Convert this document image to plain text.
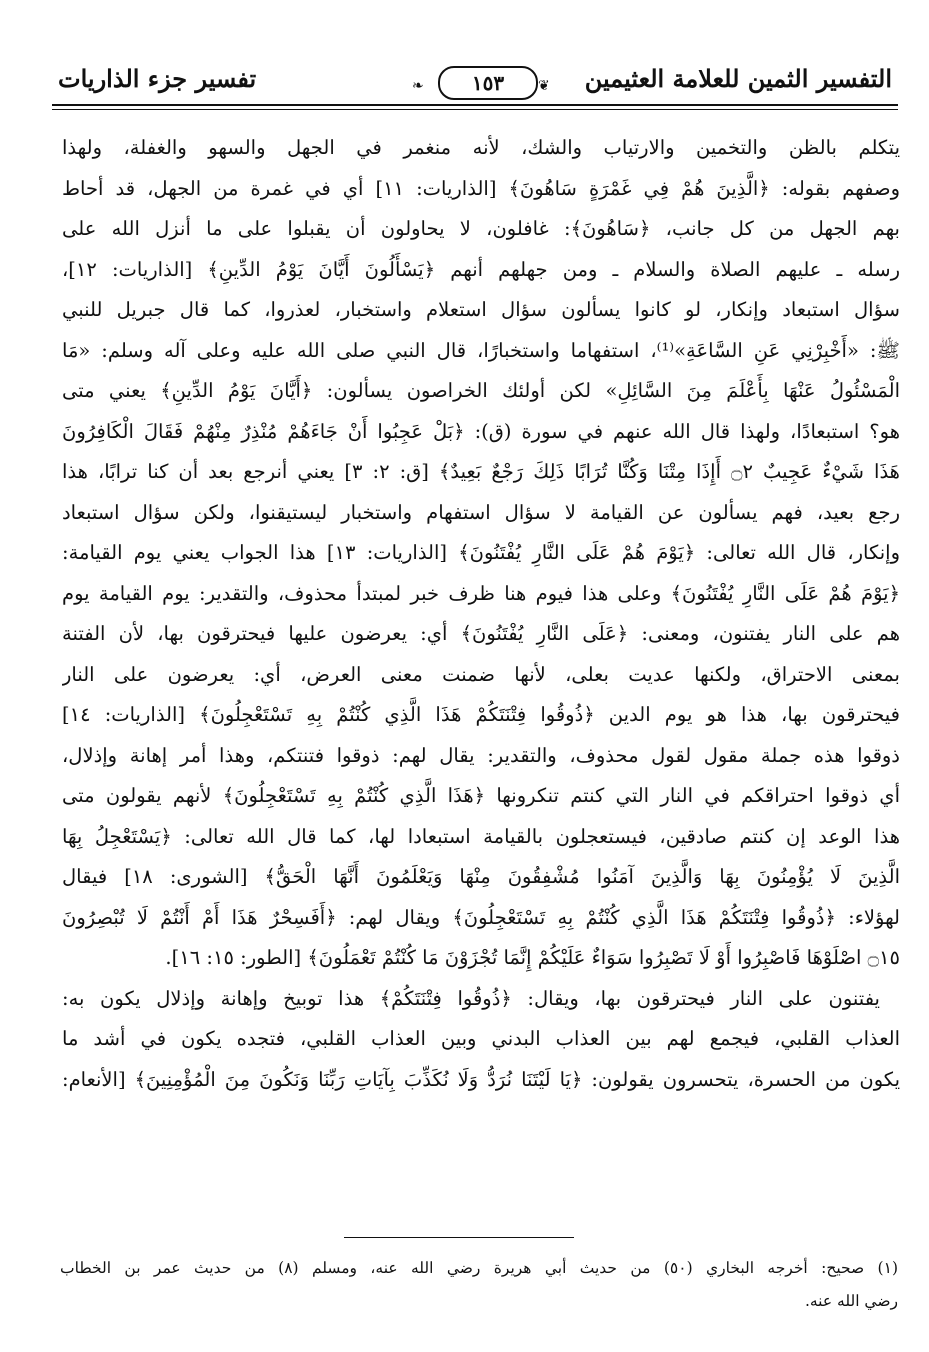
التفسير الثمين للعلامة العثيمين
❦
١٥٣
❧
تفسير جزء الذاريات
يتكلم بالظن والتخمين والارتياب والشك، لأنه منغمر في الجهل والسهو والغفلة، ولهذا
وصفهم بقوله: ﴿الَّذِينَ هُمْ فِي غَمْرَةٍ سَاهُونَ﴾ [الذاريات: ١١] أي في غمرة من الجهل، قد أحاط
بهم الجهل من كل جانب، ﴿سَاهُونَ﴾: غافلون، لا يحاولون أن يقبلوا على ما أنزل الله على
رسله ـ عليهم الصلاة والسلام ـ ومن جهلهم أنهم ﴿يَسْأَلُونَ أَيَّانَ يَوْمُ الدِّينِ﴾ [الذاريات: ١٢]،
سؤال استبعاد وإنكار، لو كانوا يسألون سؤال استعلام واستخبار، لعذروا، كما قال جبريل للنبي
ﷺ: «أَخْبِرْنِي عَنِ السَّاعَةِ»⁽¹⁾، استفهاما واستخبارًا، قال النبي صلى الله عليه وعلى آله وسلم: «مَا
الْمَسْئُولُ عَنْهَا بِأَعْلَمَ مِنَ السَّائِلِ» لكن أولئك الخراصون يسألون: ﴿أَيَّانَ يَوْمُ الدِّينِ﴾ يعني متى
هو؟ استبعادًا، ولهذا قال الله عنهم في سورة (ق): ﴿بَلْ عَجِبُوا أَنْ جَاءَهُمْ مُنْذِرٌ مِنْهُمْ فَقَالَ الْكَافِرُونَ
هَذَا شَيْءٌ عَجِيبٌ ۝٢ أَإِذَا مِتْنَا وَكُنَّا تُرَابًا ذَلِكَ رَجْعٌ بَعِيدٌ﴾ [ق: ٢: ٣] يعني أنرجع بعد أن كنا ترابًا، هذا
رجع بعيد، فهم يسألون عن القيامة لا سؤال استفهام واستخبار ليستيقنوا، ولكن سؤال استبعاد
وإنكار، قال الله تعالى: ﴿يَوْمَ هُمْ عَلَى النَّارِ يُفْتَنُونَ﴾ [الذاريات: ١٣] هذا الجواب يعني يوم القيامة:
﴿يَوْمَ هُمْ عَلَى النَّارِ يُفْتَنُونَ﴾ وعلى هذا فيوم هنا ظرف خبر لمبتدأ محذوف، والتقدير: يوم القيامة يوم
هم على النار يفتنون، ومعنى: ﴿عَلَى النَّارِ يُفْتَنُونَ﴾ أي: يعرضون عليها فيحترقون بها، لأن الفتنة
بمعنى الاحتراق، ولكنها عديت بعلى، لأنها ضمنت معنى العرض، أي: يعرضون على النار
فيحترقون بها، هذا هو يوم الدين ﴿ذُوقُوا فِتْنَتَكُمْ هَذَا الَّذِي كُنْتُمْ بِهِ تَسْتَعْجِلُونَ﴾ [الذاريات: ١٤]
ذوقوا هذه جملة مقول لقول محذوف، والتقدير: يقال لهم: ذوقوا فتنتكم، وهذا أمر إهانة وإذلال،
أي ذوقوا احتراقكم في النار التي كنتم تنكرونها ﴿هَذَا الَّذِي كُنْتُمْ بِهِ تَسْتَعْجِلُونَ﴾ لأنهم يقولون متى
هذا الوعد إن كنتم صادقين، فيستعجلون بالقيامة استبعادا لها، كما قال الله تعالى: ﴿يَسْتَعْجِلُ بِهَا
الَّذِينَ لَا يُؤْمِنُونَ بِهَا وَالَّذِينَ آمَنُوا مُشْفِقُونَ مِنْهَا وَيَعْلَمُونَ أَنَّهَا الْحَقُّ﴾ [الشورى: ١٨] فيقال
لهؤلاء: ﴿ذُوقُوا فِتْنَتَكُمْ هَذَا الَّذِي كُنْتُمْ بِهِ تَسْتَعْجِلُونَ﴾ ويقال لهم: ﴿أَفَسِحْرٌ هَذَا أَمْ أَنْتُمْ لَا تُبْصِرُونَ
۝١٥ اصْلَوْهَا فَاصْبِرُوا أَوْ لَا تَصْبِرُوا سَوَاءٌ عَلَيْكُمْ إِنَّمَا تُجْزَوْنَ مَا كُنْتُمْ تَعْمَلُونَ﴾ [الطور: ١٥: ١٦].
يفتنون على النار فيحترقون بها، ويقال: ﴿ذُوقُوا فِتْنَتَكُمْ﴾ هذا توبيخ وإهانة وإذلال يكون به:
العذاب القلبي، فيجمع لهم بين العذاب البدني وبين العذاب القلبي، فتجده يكون في أشد ما
يكون من الحسرة، يتحسرون يقولون: ﴿يَا لَيْتَنَا نُرَدُّ وَلَا نُكَذِّبَ بِآيَاتِ رَبِّنَا وَنَكُونَ مِنَ الْمُؤْمِنِينَ﴾ [الأنعام:
(١) صحيح: أخرجه البخاري (٥٠) من حديث أبي هريرة رضي الله عنه، ومسلم (٨) من حديث عمر بن الخطاب
رضي الله عنه.
